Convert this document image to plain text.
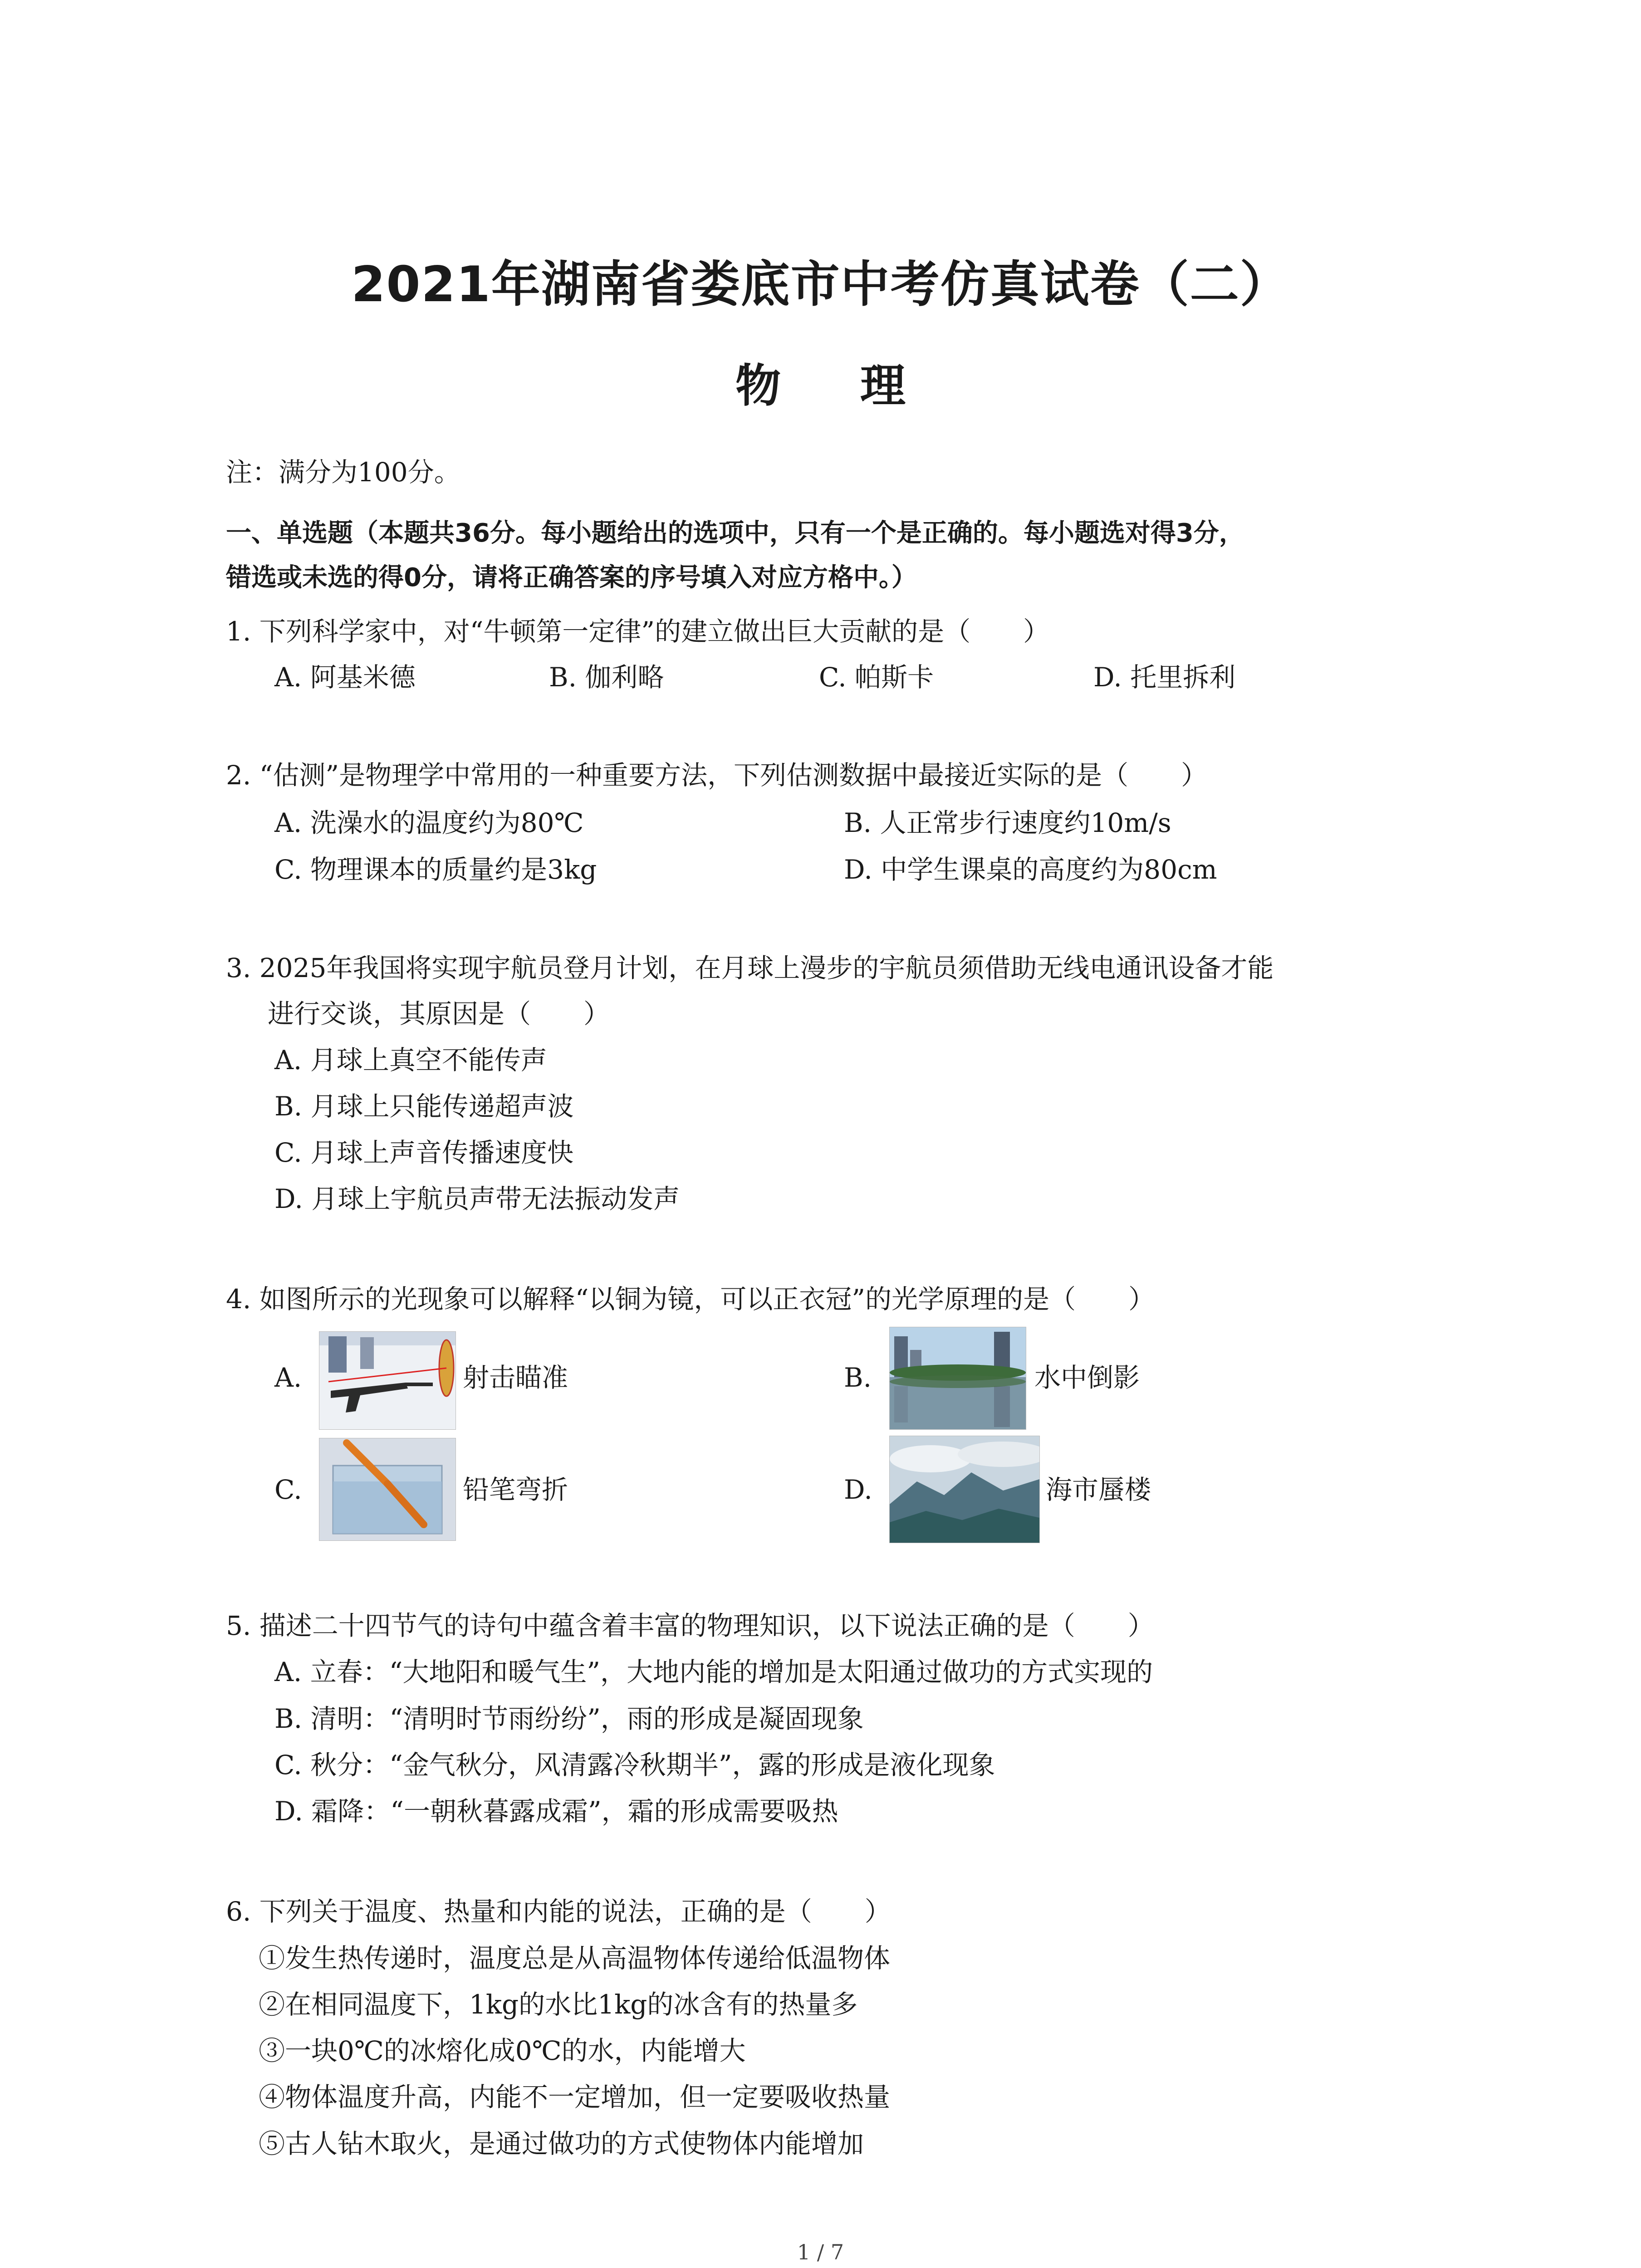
2021年湖南省娄底市中考仿真试卷（二）
物 理
注：满分为100分。
一、单选题（本题共36分。每小题给出的选项中，只有一个是正确的。每小题选对得3分，
错选或未选的得0分，请将正确答案的序号填入对应方格中。）
1. 下列科学家中，对“牛顿第一定律”的建立做出巨大贡献的是（　　）
A. 阿基米德	B. 伽利略	C. 帕斯卡	D. 托里拆利
2. “估测”是物理学中常用的一种重要方法，下列估测数据中最接近实际的是（　　）
A. 洗澡水的温度约为80℃	B. 人正常步行速度约10m/s
C. 物理课本的质量约是3kg	D. 中学生课桌的高度约为80cm
3. 2025年我国将实现宇航员登月计划，在月球上漫步的宇航员须借助无线电通讯设备才能
进行交谈，其原因是（　　）
A. 月球上真空不能传声
B. 月球上只能传递超声波
C. 月球上声音传播速度快
D. 月球上宇航员声带无法振动发声
4. 如图所示的光现象可以解释“以铜为镜，可以正衣冠”的光学原理的是（　　）
A.	射击瞄准	B.	水中倒影
C.	铅笔弯折	D.	海市蜃楼
5. 描述二十四节气的诗句中蕴含着丰富的物理知识，以下说法正确的是（　　）
A. 立春：“大地阳和暖气生”，大地内能的增加是太阳通过做功的方式实现的
B. 清明：“清明时节雨纷纷”，雨的形成是凝固现象
C. 秋分：“金气秋分，风清露冷秋期半”，露的形成是液化现象
D. 霜降：“一朝秋暮露成霜”，霜的形成需要吸热
6. 下列关于温度、热量和内能的说法，正确的是（　　）
①发生热传递时，温度总是从高温物体传递给低温物体
②在相同温度下，1kg的水比1kg的冰含有的热量多
③一块0℃的冰熔化成0℃的水，内能增大
④物体温度升高，内能不一定增加，但一定要吸收热量
⑤古人钻木取火，是通过做功的方式使物体内能增加
1 / 7
